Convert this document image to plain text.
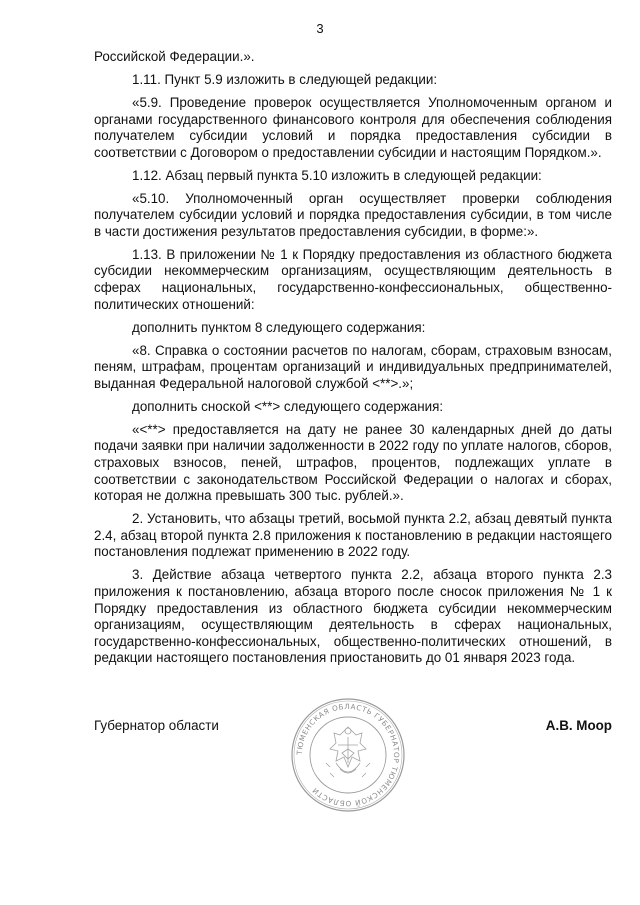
3

Российской Федерации.».

1.11. Пункт 5.9 изложить в следующей редакции:

«5.9. Проведение проверок осуществляется Уполномоченным органом и органами государственного финансового контроля для обеспечения соблюдения получателем субсидии условий и порядка предоставления субсидии в соответствии с Договором о предоставлении субсидии и настоящим Порядком.».

1.12. Абзац первый пункта 5.10 изложить в следующей редакции:

«5.10. Уполномоченный орган осуществляет проверки соблюдения получателем субсидии условий и порядка предоставления субсидии, в том числе в части достижения результатов предоставления субсидии, в форме:».

1.13. В приложении № 1 к Порядку предоставления из областного бюджета субсидии некоммерческим организациям, осуществляющим деятельность в сферах национальных, государственно-конфессиональных, общественно-политических отношений:

дополнить пунктом 8 следующего содержания:

«8. Справка о состоянии расчетов по налогам, сборам, страховым взносам, пеням, штрафам, процентам организаций и индивидуальных предпринимателей, выданная Федеральной налоговой службой <**>.»;

дополнить сноской <**> следующего содержания:

«<**> предоставляется на дату не ранее 30 календарных дней до даты подачи заявки при наличии задолженности в 2022 году по уплате налогов, сборов, страховых взносов, пеней, штрафов, процентов, подлежащих уплате в соответствии с законодательством Российской Федерации о налогах и сборах, которая не должна превышать 300 тыс. рублей.».

2. Установить, что абзацы третий, восьмой пункта 2.2, абзац девятый пункта 2.4, абзац второй пункта 2.8 приложения к постановлению в редакции настоящего постановления подлежат применению в 2022 году.

3. Действие абзаца четвертого пункта 2.2, абзаца второго пункта 2.3 приложения к постановлению, абзаца второго после сносок приложения № 1 к Порядку предоставления из областного бюджета субсидии некоммерческим организациям, осуществляющим деятельность в сферах национальных, государственно-конфессиональных, общественно-политических отношений, в редакции настоящего постановления приостановить до 01 января 2023 года.

Губернатор области	А.В. Моор
ТЮМЕНСКАЯ ОБЛАСТЬ ГУБЕРНАТОР ТЮМЕНСКОЙ ОБЛАСТИ
